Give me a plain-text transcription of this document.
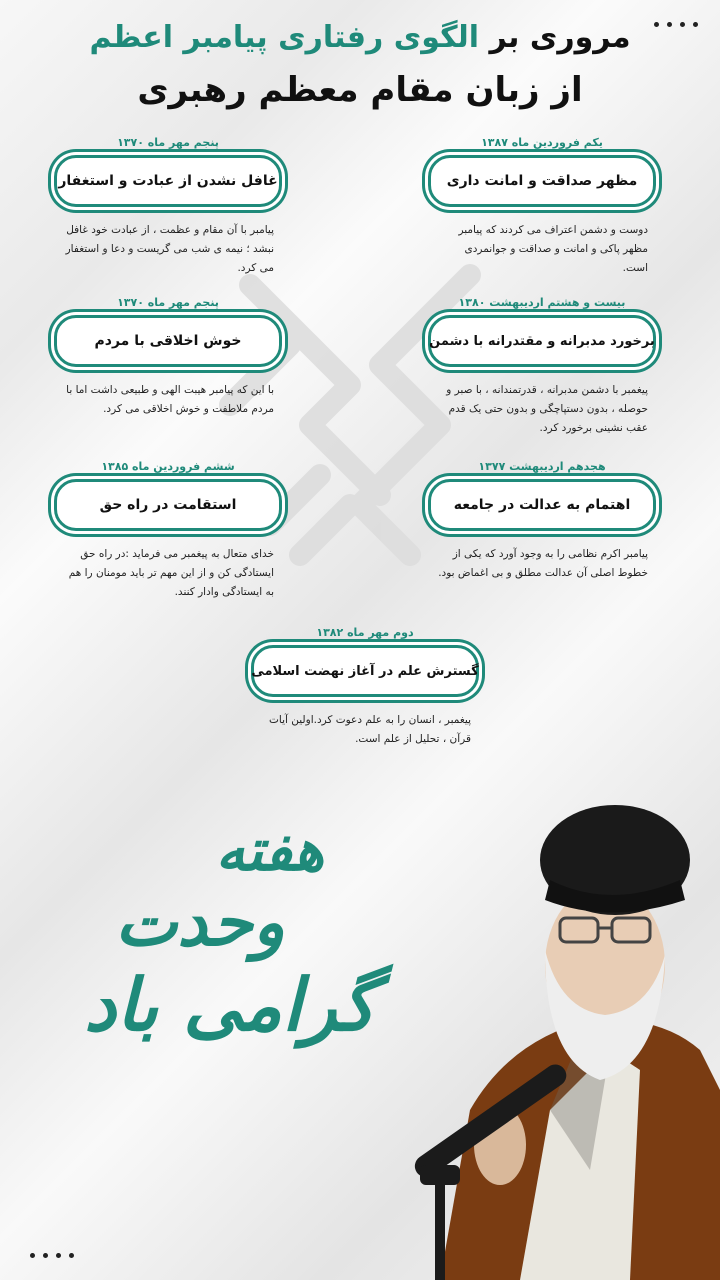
مروری بر الگوی رفتاری پیامبر اعظم
از زبان مقام معظم رهبری
یکم فروردین ماه ۱۳۸۷
مظهر صداقت و امانت داری
دوست و دشمن اعتراف می کردند که پیامبر مظهر پاکی و امانت و صداقت و جوانمردی است.
بیست و هشتم اردیبهشت ۱۳۸۰
برخورد مدبرانه و مقتدرانه با دشمن
پیغمبر با دشمن مدبرانه ، قدرتمندانه ، با صبر و حوصله ، بدون دستپاچگی و بدون حتی یک قدم عقب نشینی برخورد کرد.
هجدهم اردیبهشت ۱۳۷۷
اهتمام به عدالت در جامعه
پیامبر اکرم نظامی را به وجود آورد که یکی از خطوط اصلی آن عدالت مطلق و بی اغماض بود.
پنجم مهر ماه ۱۳۷۰
غافل نشدن از عبادت و استغفار
پیامبر با آن مقام و عظمت ، از عبادت خود غافل نبشد ؛ نیمه ی شب می گریست و دعا و استغفار می کرد.
پنجم مهر ماه ۱۳۷۰
خوش اخلاقی با مردم
با این که پیامبر هیبت الهی و طبیعی داشت اما با مردم ملاطفت و خوش اخلاقی می کرد.
ششم فروردین ماه ۱۳۸۵
استقامت در راه حق
خدای متعال به پیغمبر می فرماید :در راه حق ایستادگی کن و از این مهم تر باید مومنان را هم به ایستادگی وادار کنند.
دوم مهر ماه ۱۳۸۲
گسترش علم در آغاز نهضت اسلامی
پیغمبر ، انسان را به علم دعوت کرد.اولین آیات قرآن ، تحلیل از علم است.
هفته
وحدت
گرامی باد
